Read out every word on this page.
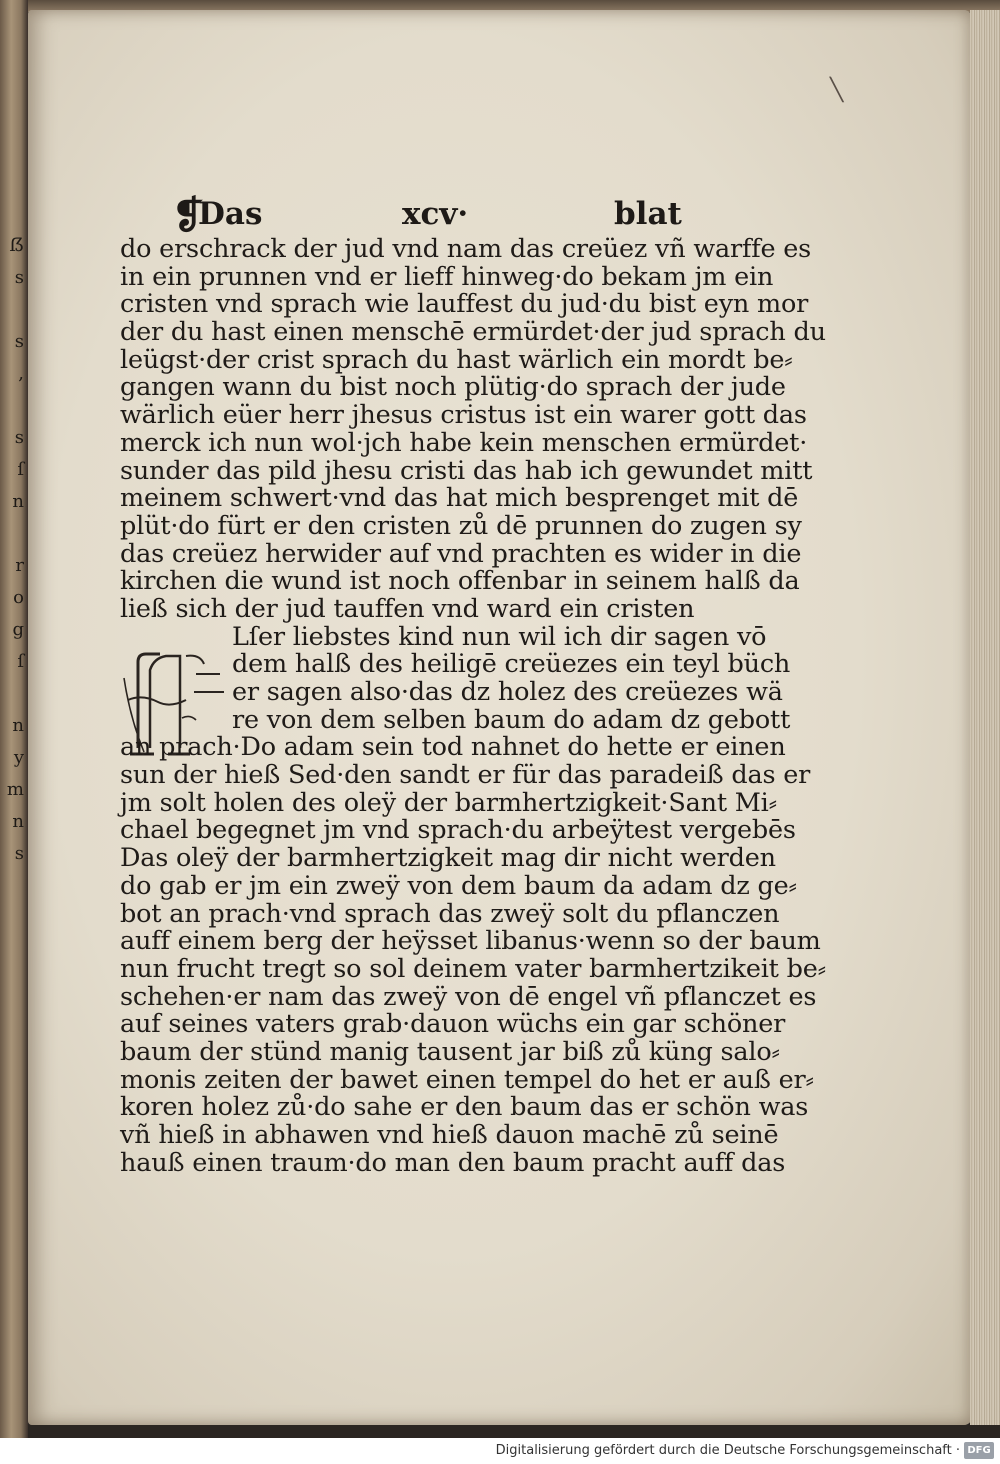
ẞ
s

s
,

s
ſ
n

r
o
g
ſ

n
y
m
n
s
╲
❡
Das	xcv·	blat
do erschrack der jud vnd nam das creüez vñ warffe es
in ein prunnen vnd er lieff hinweg·do bekam jm ein
cristen vnd sprach wie lauffest du jud·du bist eyn mor
der du hast einen menschē ermürdet·der jud sprach du
leügst·der crist sprach du hast wärlich ein mordt be⸗
gangen wann du bist noch plütig·do sprach der jude
wärlich eüer herr jhesus cristus ist ein warer gott das
merck ich nun wol·jch habe kein menschen ermürdet·
sunder das pild jhesu cristi das hab ich gewundet mitt
meinem schwert·vnd das hat mich besprenget mit dē
plüt·do fürt er den cristen zů dē prunnen do zugen sy
das creüez herwider auf vnd prachten es wider in die
kirchen die wund ist noch offenbar in seinem halß da
ließ sich der jud tauffen vnd ward ein cristen
Lſer liebstes kind nun wil ich dir sagen vō
dem halß des heiligē creüezes ein teyl büch
er sagen also·das dz holez des creüezes wä
re von dem selben baum do adam dz gebott
an prach·Do adam sein tod nahnet do hette er einen
sun der hieß Sed·den sandt er für das paradeiß das er
jm solt holen des oleÿ der barmhertzigkeit·Sant Mi⸗
chael begegnet jm vnd sprach·du arbeÿtest vergebēs
Das oleÿ der barmhertzigkeit mag dir nicht werden
do gab er jm ein zweÿ von dem baum da adam dz ge⸗
bot an prach·vnd sprach das zweÿ solt du pflanczen
auff einem berg der heÿsset libanus·wenn so der baum
nun frucht tregt so sol deinem vater barmhertzikeit be⸗
schehen·er nam das zweÿ von dē engel vñ pflanczet es
auf seines vaters grab·dauon wüchs ein gar schöner
baum der stünd manig tausent jar biß zů küng salo⸗
monis zeiten der bawet einen tempel do het er auß er⸗
koren holez zů·do sahe er den baum das er schön was
vñ hieß in abhawen vnd hieß dauon machē zů seinē
hauß einen traum·do man den baum pracht auff das
Digitalisierung gefördert durch die Deutsche Forschungsgemeinschaft · DFG
